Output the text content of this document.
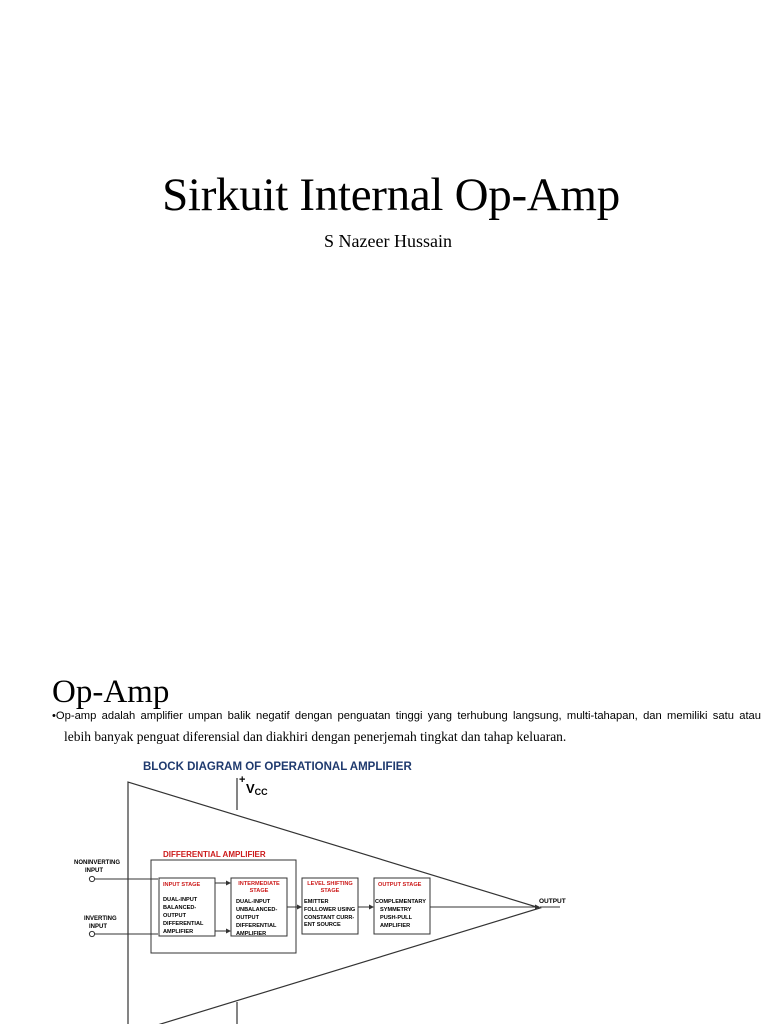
Sirkuit Internal Op-Amp
S Nazeer Hussain
Op-Amp
•Op-amp adalah amplifier umpan balik negatif dengan penguatan tinggi yang terhubung langsung, multi-tahapan, dan memiliki satu atau
lebih banyak penguat diferensial dan diakhiri dengan penerjemah tingkat dan tahap keluaran.
BLOCK DIAGRAM OF OPERATIONAL AMPLIFIER
+
VCC
DIFFERENTIAL AMPLIFIER
NONINVERTING
INPUT
INVERTING
INPUT
INPUT STAGE
DUAL-INPUT
BALANCED-
OUTPUT
DIFFERENTIAL
AMPLIFIER
INTERMEDIATE
STAGE
DUAL-INPUT
UNBALANCED-
OUTPUT
DIFFERENTIAL
AMPLIFIER
LEVEL SHIFTING
STAGE
EMITTER
FOLLOWER USING
CONSTANT CURR-
ENT SOURCE
OUTPUT STAGE
COMPLEMENTARY
SYMMETRY
PUSH-PULL
AMPLIFIER
OUTPUT
